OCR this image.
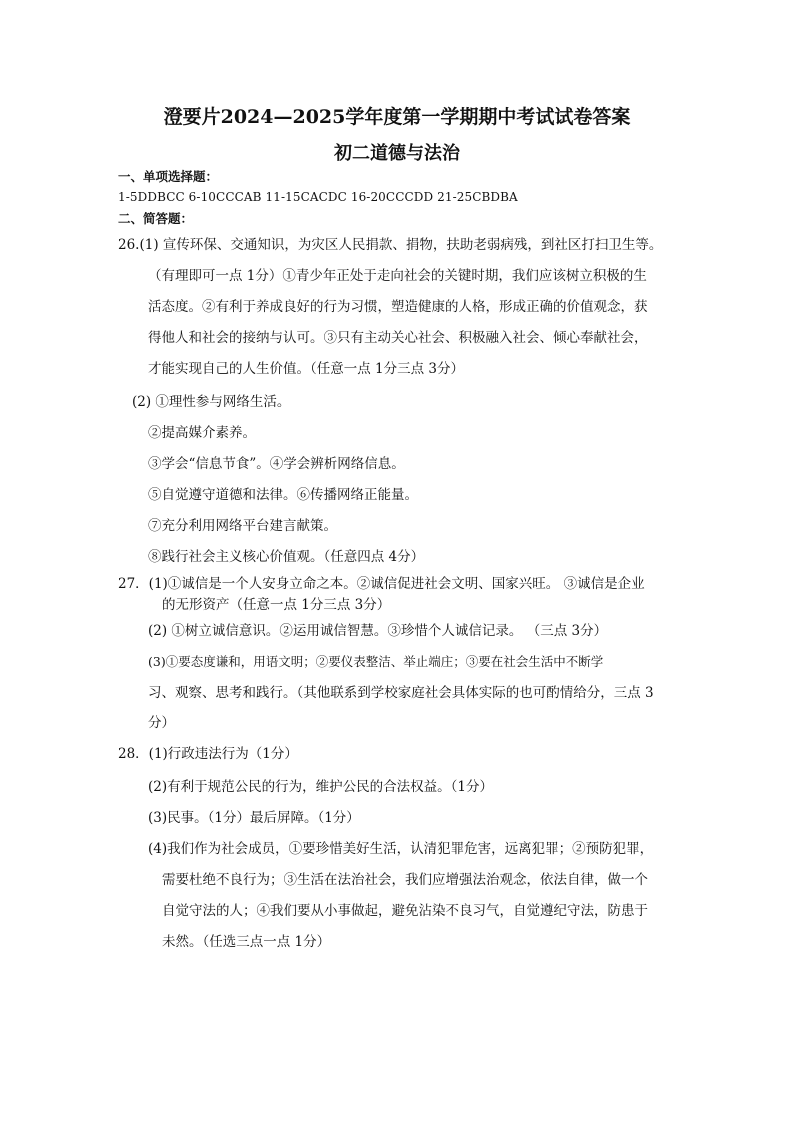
澄要片2024—2025学年度第一学期期中考试试卷答案
初二道德与法治
一、单项选择题：
1-5DDBCC 6-10CCCAB 11-15CACDC 16-20CCCDD 21-25CBDBA
二、简答题：
26.(1) 宣传环保、交通知识，为灾区人民捐款、捐物，扶助老弱病残，到社区打扫卫生等。
（有理即可一点 1分）①青少年正处于走向社会的关键时期，我们应该树立积极的生
活态度。②有利于养成良好的行为习惯，塑造健康的人格，形成正确的价值观念，获
得他人和社会的接纳与认可。③只有主动关心社会、积极融入社会、倾心奉献社会，
才能实现自己的人生价值。（任意一点 1分三点 3分）
(2) ①理性参与网络生活。
②提高媒介素养。
③学会“信息节食”。④学会辨析网络信息。
⑤自觉遵守道德和法律。⑥传播网络正能量。
⑦充分利用网络平台建言献策。
⑧践行社会主义核心价值观。（任意四点 4分）
27．(1)①诚信是一个人安身立命之本。②诚信促进社会文明、国家兴旺。 ③诚信是企业
的无形资产（任意一点 1分三点 3分）
(2) ①树立诚信意识。②运用诚信智慧。③珍惜个人诚信记录。 （三点 3分）
(3)①要态度谦和，用语文明；②要仪表整洁、举止端庄；③要在社会生活中不断学
习、观察、思考和践行。（其他联系到学校家庭社会具体实际的也可酌情给分，三点 3
分）
28．(1)行政违法行为（1分）
(2)有利于规范公民的行为，维护公民的合法权益。（1分）
(3)民事。（1分）最后屏障。（1分）
(4)我们作为社会成员，①要珍惜美好生活，认清犯罪危害，远离犯罪；②预防犯罪，
需要杜绝不良行为；③生活在法治社会，我们应增强法治观念，依法自律，做一个
自觉守法的人；④我们要从小事做起，避免沾染不良习气，自觉遵纪守法，防患于
未然。（任选三点一点 1分）
